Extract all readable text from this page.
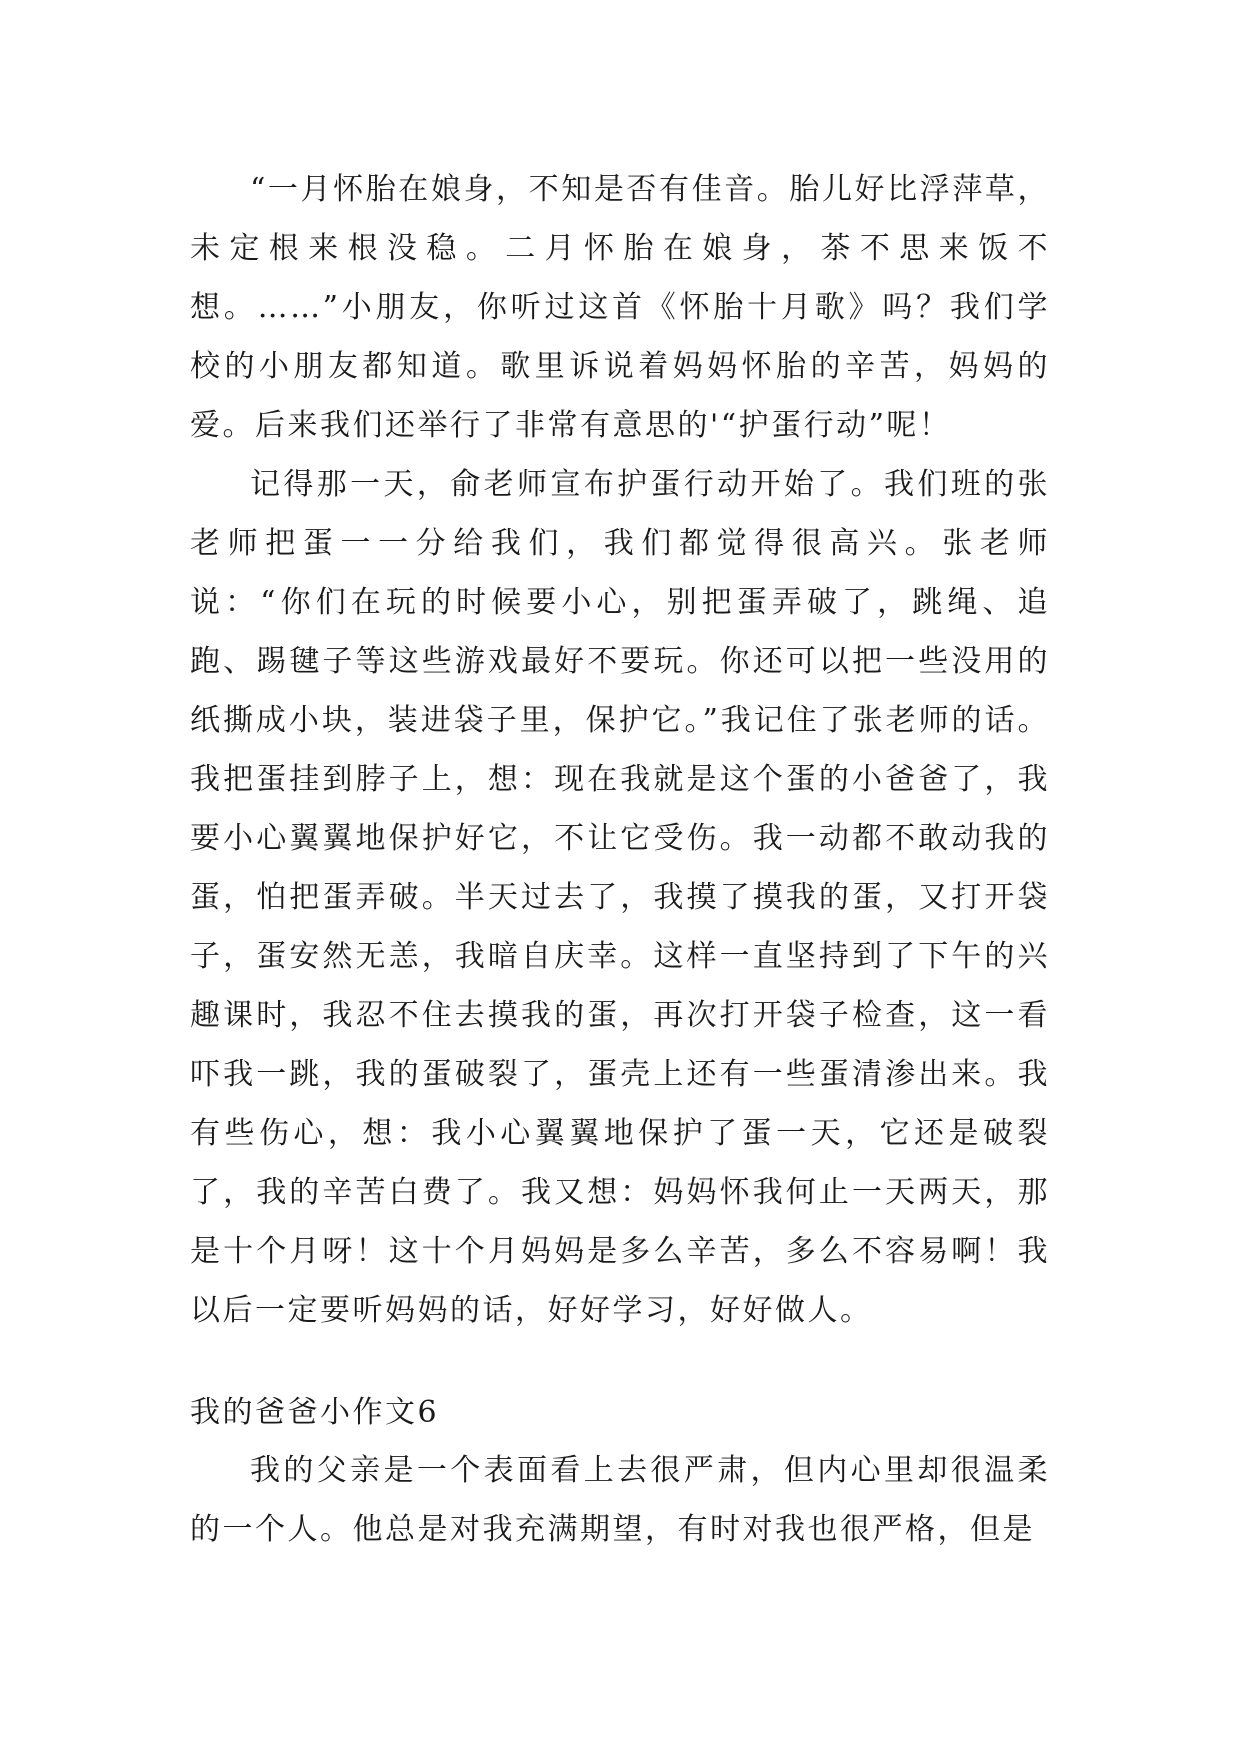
“一月怀胎在娘身，不知是否有佳音。胎儿好比浮萍草，未定根来根没稳。二月怀胎在娘身，茶不思来饭不想。……”小朋友，你听过这首《怀胎十月歌》吗？我们学校的小朋友都知道。歌里诉说着妈妈怀胎的辛苦，妈妈的爱。后来我们还举行了非常有意思的'“护蛋行动”呢！

记得那一天，俞老师宣布护蛋行动开始了。我们班的张老师把蛋一一分给我们，我们都觉得很高兴。张老师说：“你们在玩的时候要小心，别把蛋弄破了，跳绳、追跑、踢毽子等这些游戏最好不要玩。你还可以把一些没用的纸撕成小块，装进袋子里，保护它。”我记住了张老师的话。我把蛋挂到脖子上，想：现在我就是这个蛋的小爸爸了，我要小心翼翼地保护好它，不让它受伤。我一动都不敢动我的蛋，怕把蛋弄破。半天过去了，我摸了摸我的蛋，又打开袋子，蛋安然无恙，我暗自庆幸。这样一直坚持到了下午的兴趣课时，我忍不住去摸我的蛋，再次打开袋子检查，这一看吓我一跳，我的蛋破裂了，蛋壳上还有一些蛋清渗出来。我有些伤心，想：我小心翼翼地保护了蛋一天，它还是破裂了，我的辛苦白费了。我又想：妈妈怀我何止一天两天，那是十个月呀！这十个月妈妈是多么辛苦，多么不容易啊！我以后一定要听妈妈的话，好好学习，好好做人。

我的爸爸小作文6

我的父亲是一个表面看上去很严肃，但内心里却很温柔的一个人。他总是对我充满期望，有时对我也很严格，但是
